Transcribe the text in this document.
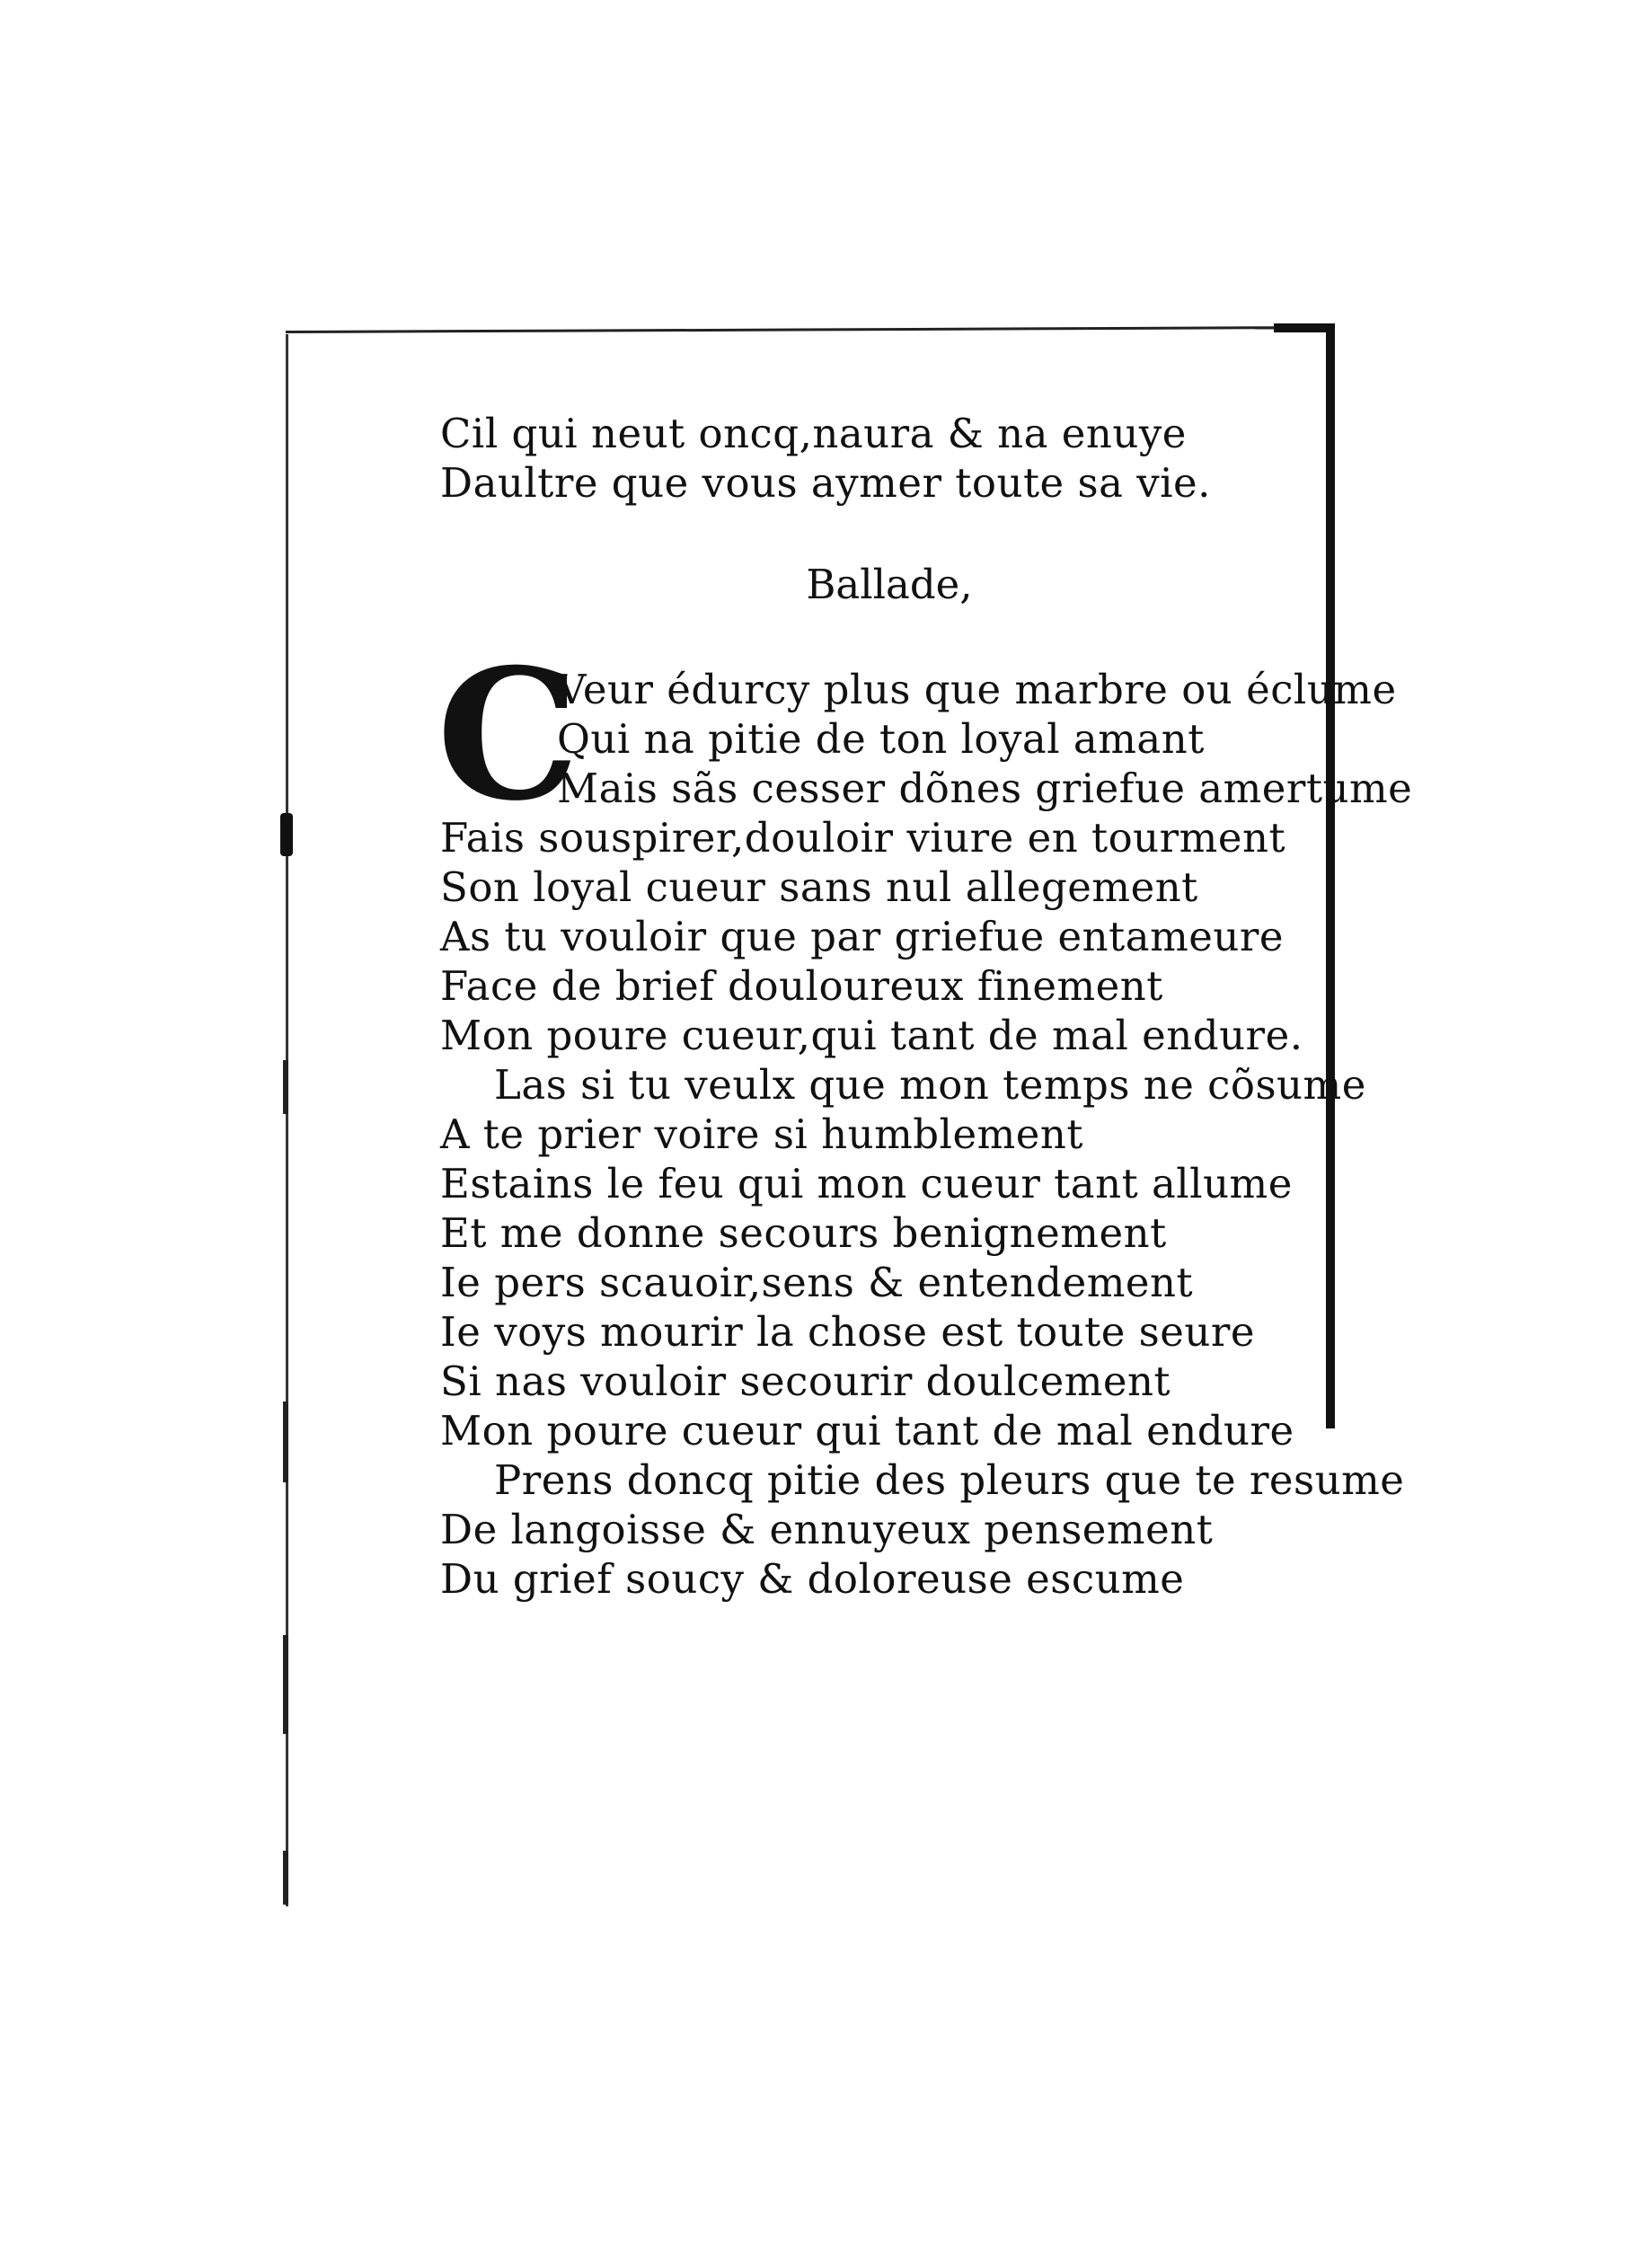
Cil qui neut oncq,naura & na enuye

Daultre que vous aymer toute sa vie.

Ballade,

C

Veur édurcy plus que marbre ou éclume

Qui na pitie de ton loyal amant

Mais sãs cesser dõnes griefue amertume

Fais souspirer,douloir viure en tourment

Son loyal cueur sans nul allegement

As tu vouloir que par griefue entameure

Face de brief douloureux finement

Mon poure cueur,qui tant de mal endure.

Las si tu veulx que mon temps ne cõsume

A te prier voire si humblement

Estains le feu qui mon cueur tant allume

Et me donne secours benignement

Ie pers scauoir,sens & entendement

Ie voys mourir la chose est toute seure

Si nas vouloir secourir doulcement

Mon poure cueur qui tant de mal endure

Prens doncq pitie des pleurs que te resume

De langoisse & ennuyeux pensement

Du grief soucy & doloreuse escume
